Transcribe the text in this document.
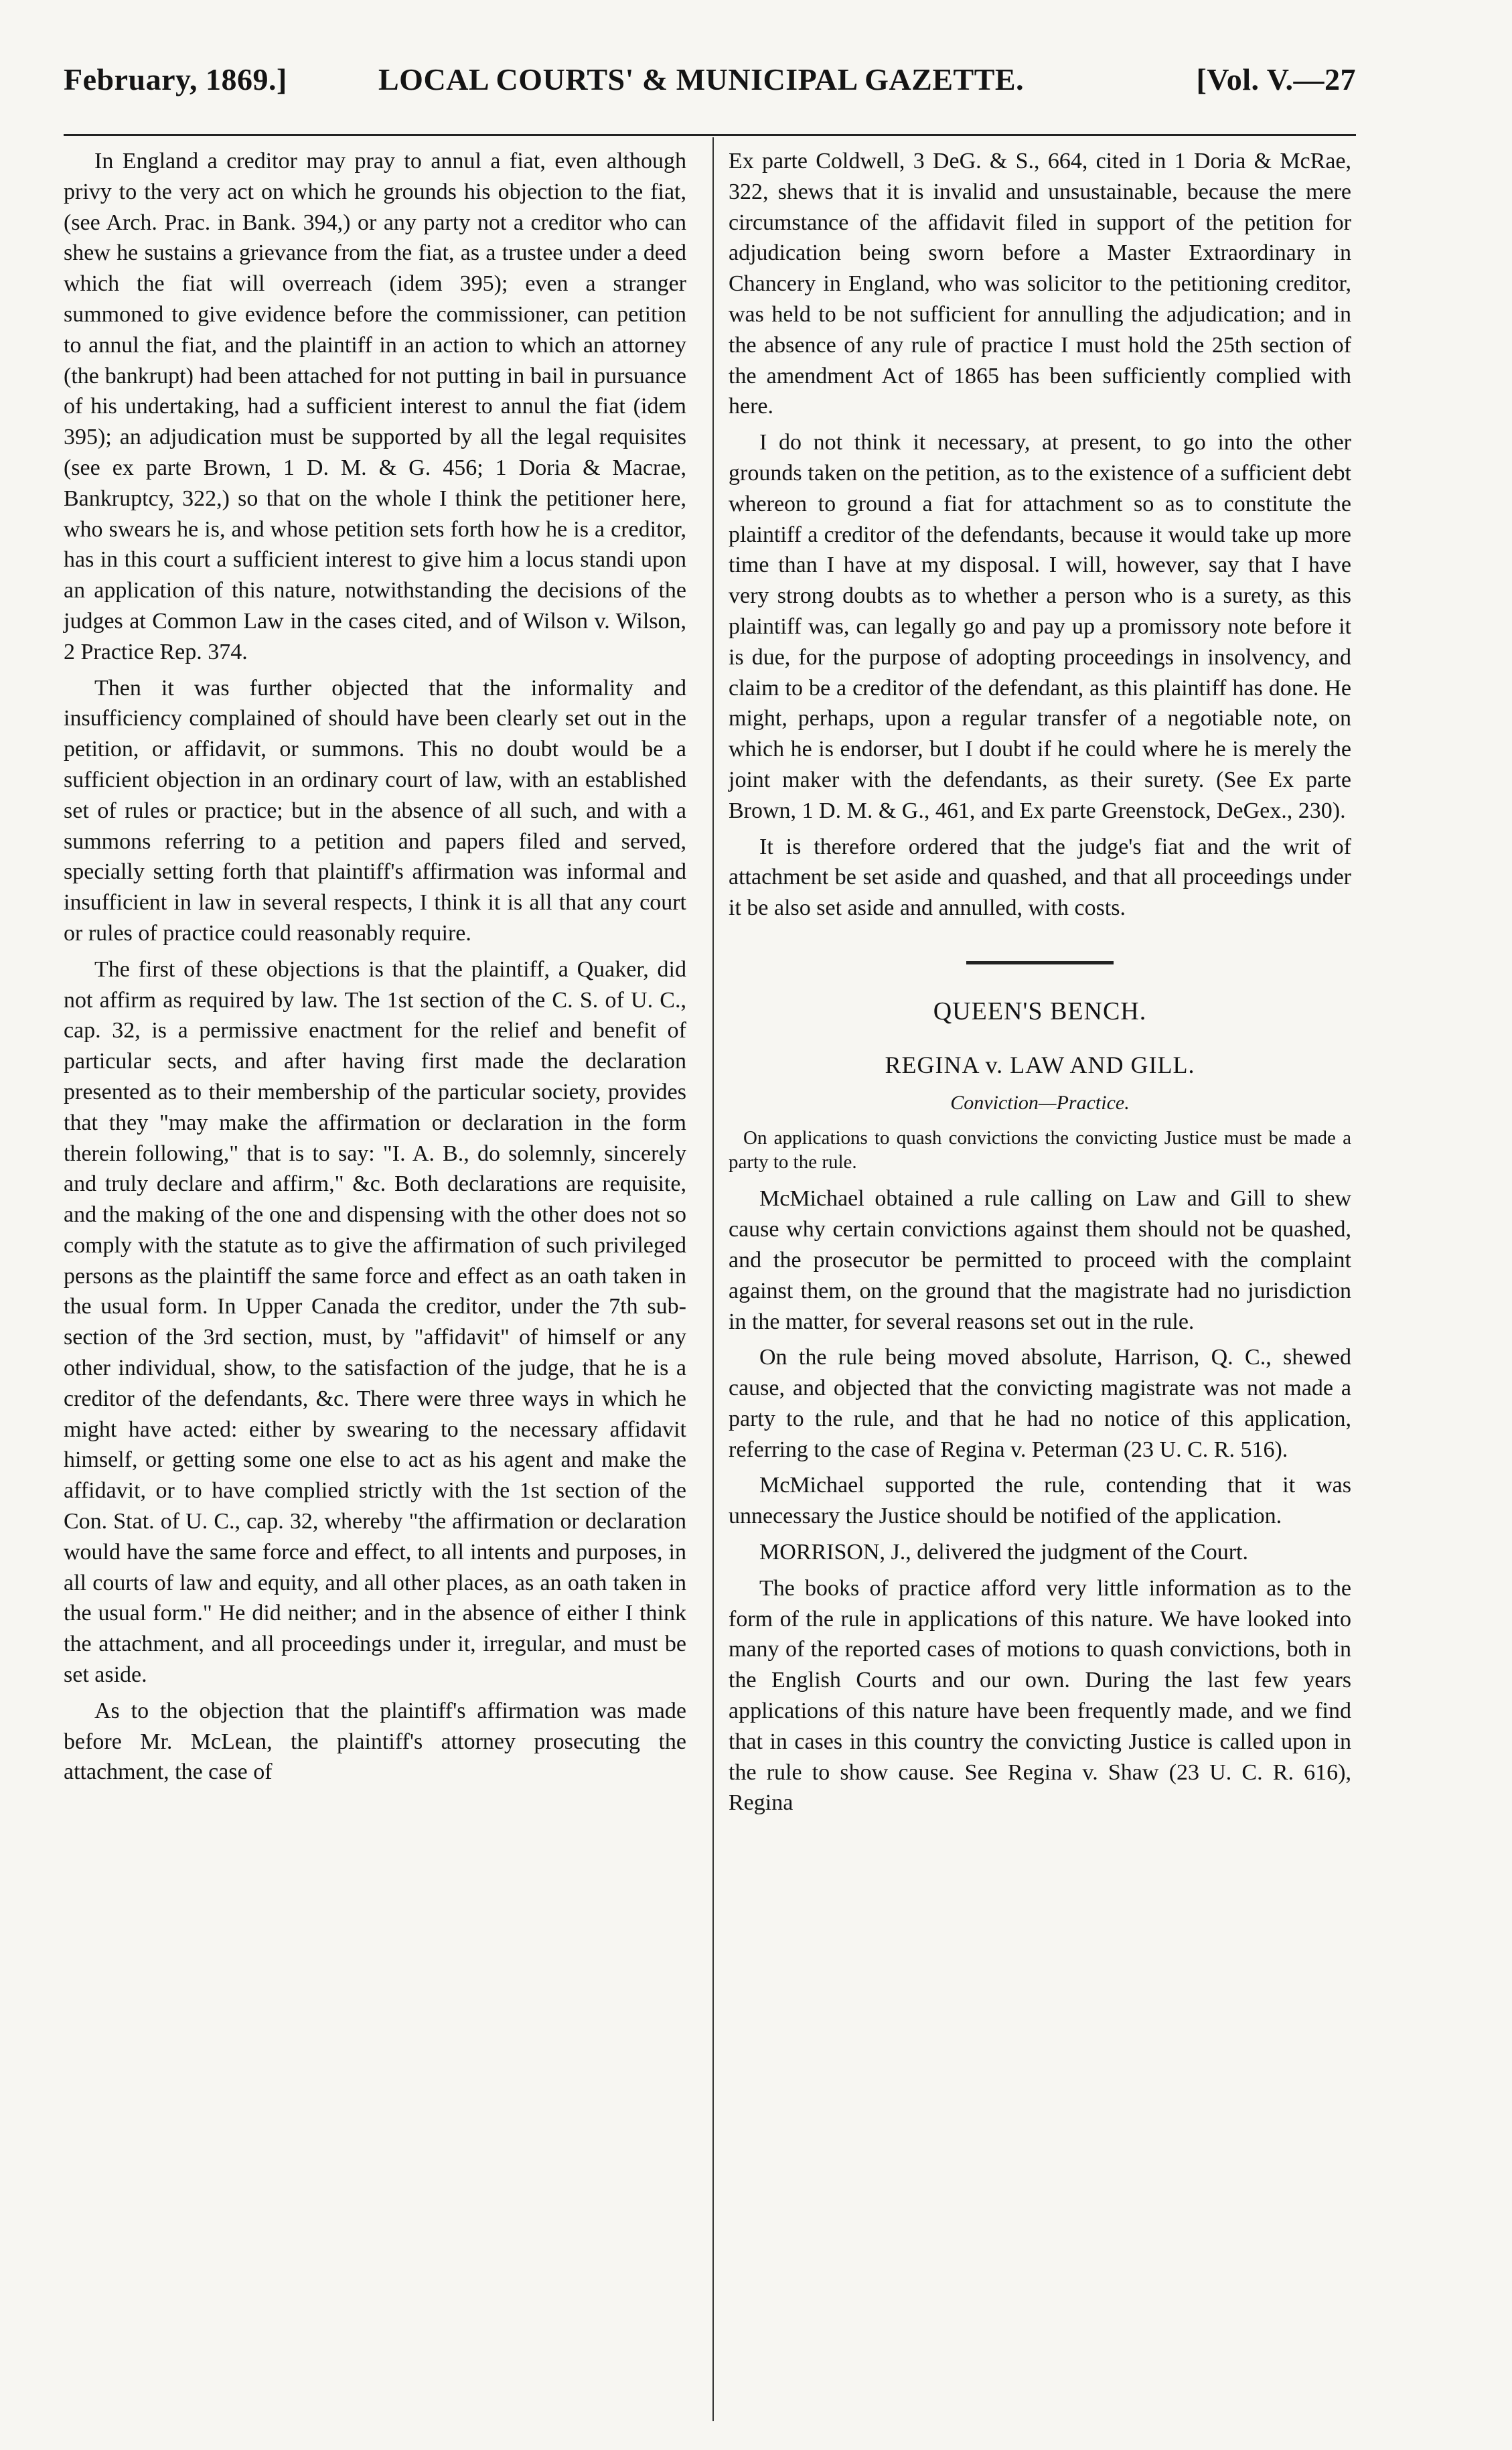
February, 1869.]	LOCAL COURTS' & MUNICIPAL GAZETTE.	[Vol. V.—27

In England a creditor may pray to annul a fiat, even although privy to the very act on which he grounds his objection to the fiat, (see Arch. Prac. in Bank. 394,) or any party not a creditor who can shew he sustains a grievance from the fiat, as a trustee under a deed which the fiat will overreach (idem 395); even a stranger summoned to give evidence before the commissioner, can petition to annul the fiat, and the plaintiff in an action to which an attorney (the bankrupt) had been attached for not putting in bail in pursuance of his undertaking, had a sufficient interest to annul the fiat (idem 395); an adjudication must be supported by all the legal requisites (see ex parte Brown, 1 D. M. & G. 456; 1 Doria & Macrae, Bankruptcy, 322,) so that on the whole I think the petitioner here, who swears he is, and whose petition sets forth how he is a creditor, has in this court a sufficient interest to give him a locus standi upon an application of this nature, notwithstanding the decisions of the judges at Common Law in the cases cited, and of Wilson v. Wilson, 2 Practice Rep. 374.

Then it was further objected that the informality and insufficiency complained of should have been clearly set out in the petition, or affidavit, or summons. This no doubt would be a sufficient objection in an ordinary court of law, with an established set of rules or practice; but in the absence of all such, and with a summons referring to a petition and papers filed and served, specially setting forth that plaintiff's affirmation was informal and insufficient in law in several respects, I think it is all that any court or rules of practice could reasonably require.

The first of these objections is that the plaintiff, a Quaker, did not affirm as required by law. The 1st section of the C. S. of U. C., cap. 32, is a permissive enactment for the relief and benefit of particular sects, and after having first made the declaration presented as to their membership of the particular society, provides that they "may make the affirmation or declaration in the form therein following," that is to say: "I. A. B., do solemnly, sincerely and truly declare and affirm," &c. Both declarations are requisite, and the making of the one and dispensing with the other does not so comply with the statute as to give the affirmation of such privileged persons as the plaintiff the same force and effect as an oath taken in the usual form. In Upper Canada the creditor, under the 7th sub-section of the 3rd section, must, by "affidavit" of himself or any other individual, show, to the satisfaction of the judge, that he is a creditor of the defendants, &c. There were three ways in which he might have acted: either by swearing to the necessary affidavit himself, or getting some one else to act as his agent and make the affidavit, or to have complied strictly with the 1st section of the Con. Stat. of U. C., cap. 32, whereby "the affirmation or declaration would have the same force and effect, to all intents and purposes, in all courts of law and equity, and all other places, as an oath taken in the usual form." He did neither; and in the absence of either I think the attachment, and all proceedings under it, irregular, and must be set aside.

As to the objection that the plaintiff's affirmation was made before Mr. McLean, the plaintiff's attorney prosecuting the attachment, the case of

Ex parte Coldwell, 3 DeG. & S., 664, cited in 1 Doria & McRae, 322, shews that it is invalid and unsustainable, because the mere circumstance of the affidavit filed in support of the petition for adjudication being sworn before a Master Extraordinary in Chancery in England, who was solicitor to the petitioning creditor, was held to be not sufficient for annulling the adjudication; and in the absence of any rule of practice I must hold the 25th section of the amendment Act of 1865 has been sufficiently complied with here.

I do not think it necessary, at present, to go into the other grounds taken on the petition, as to the existence of a sufficient debt whereon to ground a fiat for attachment so as to constitute the plaintiff a creditor of the defendants, because it would take up more time than I have at my disposal. I will, however, say that I have very strong doubts as to whether a person who is a surety, as this plaintiff was, can legally go and pay up a promissory note before it is due, for the purpose of adopting proceedings in insolvency, and claim to be a creditor of the defendant, as this plaintiff has done. He might, perhaps, upon a regular transfer of a negotiable note, on which he is endorser, but I doubt if he could where he is merely the joint maker with the defendants, as their surety. (See Ex parte Brown, 1 D. M. & G., 461, and Ex parte Greenstock, DeGex., 230).

It is therefore ordered that the judge's fiat and the writ of attachment be set aside and quashed, and that all proceedings under it be also set aside and annulled, with costs.

QUEEN'S BENCH.
REGINA v. LAW AND GILL.
Conviction—Practice.
On applications to quash convictions the convicting Justice must be made a party to the rule.

McMichael obtained a rule calling on Law and Gill to shew cause why certain convictions against them should not be quashed, and the prosecutor be permitted to proceed with the complaint against them, on the ground that the magistrate had no jurisdiction in the matter, for several reasons set out in the rule.

On the rule being moved absolute, Harrison, Q. C., shewed cause, and objected that the convicting magistrate was not made a party to the rule, and that he had no notice of this application, referring to the case of Regina v. Peterman (23 U. C. R. 516).

McMichael supported the rule, contending that it was unnecessary the Justice should be notified of the application.

MORRISON, J., delivered the judgment of the Court.

The books of practice afford very little information as to the form of the rule in applications of this nature. We have looked into many of the reported cases of motions to quash convictions, both in the English Courts and our own. During the last few years applications of this nature have been frequently made, and we find that in cases in this country the convicting Justice is called upon in the rule to show cause. See Regina v. Shaw (23 U. C. R. 616), Regina
